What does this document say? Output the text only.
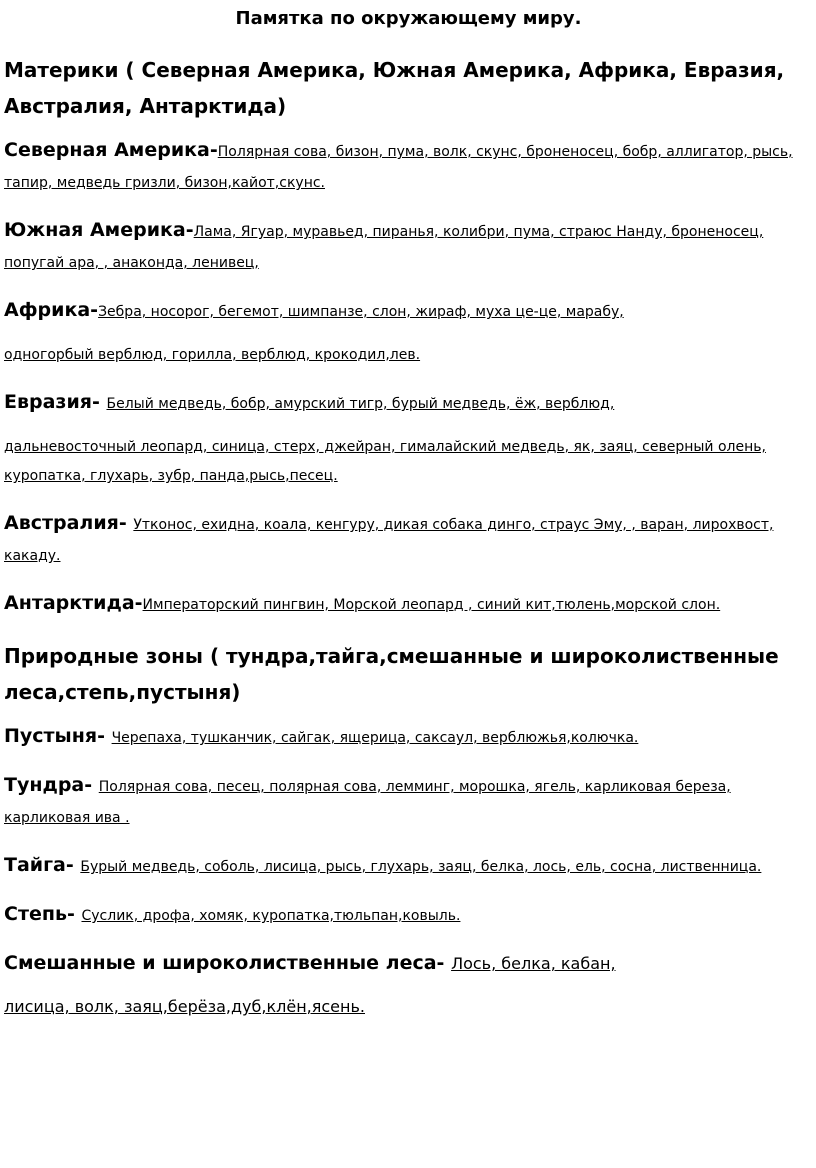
Памятка по окружающему миру.
Материки ( Северная Америка, Южная Америка, Африка, Евразия, Австралия, Антарктида)
Северная Америка-Полярная сова, бизон, пума, волк, скунс, броненосец, бобр, аллигатор, рысь, тапир, медведь гризли, бизон,кайот,скунс.
Южная Америка-Лама, Ягуар, муравьед, пиранья, колибри, пума, страюс Нанду, броненосец, попугай ара, , анаконда, ленивец,
Африка-Зебра, носорог, бегемот, шимпанзе, слон, жираф, муха це-це, марабу,
одногорбый верблюд, горилла, верблюд, крокодил,лев.
Евразия- Белый медведь, бобр, амурский тигр, бурый медведь, ёж, верблюд,
дальневосточный леопард, синица, стерх, джейран, гималайский медведь, як, заяц, северный олень, куропатка, глухарь, зубр, панда,рысь,песец.
Австралия- Утконос, ехидна, коала, кенгуру, дикая собака динго, страус Эму, , варан, лирохвост, какаду.
Антарктида-Императорский пингвин, Морской леопард , синий кит,тюлень,морской слон.
Природные зоны ( тундра,тайга,смешанные и широколиственные леса,степь,пустыня)
Пустыня- Черепаха, тушканчик, сайгак, ящерица, саксаул, верблюжья,колючка.
Тундра- Полярная сова, песец, полярная сова, лемминг, морошка, ягель, карликовая береза, карликовая ива .
Тайга- Бурый медведь, соболь, лисица, рысь, глухарь, заяц, белка, лось, ель, сосна, лиственница.
Степь- Суслик, дрофа, хомяк, куропатка,тюльпан,ковыль.
Смешанные и широколиственные леса- Лось, белка, кабан,
лисица, волк, заяц,берёза,дуб,клён,ясень.
